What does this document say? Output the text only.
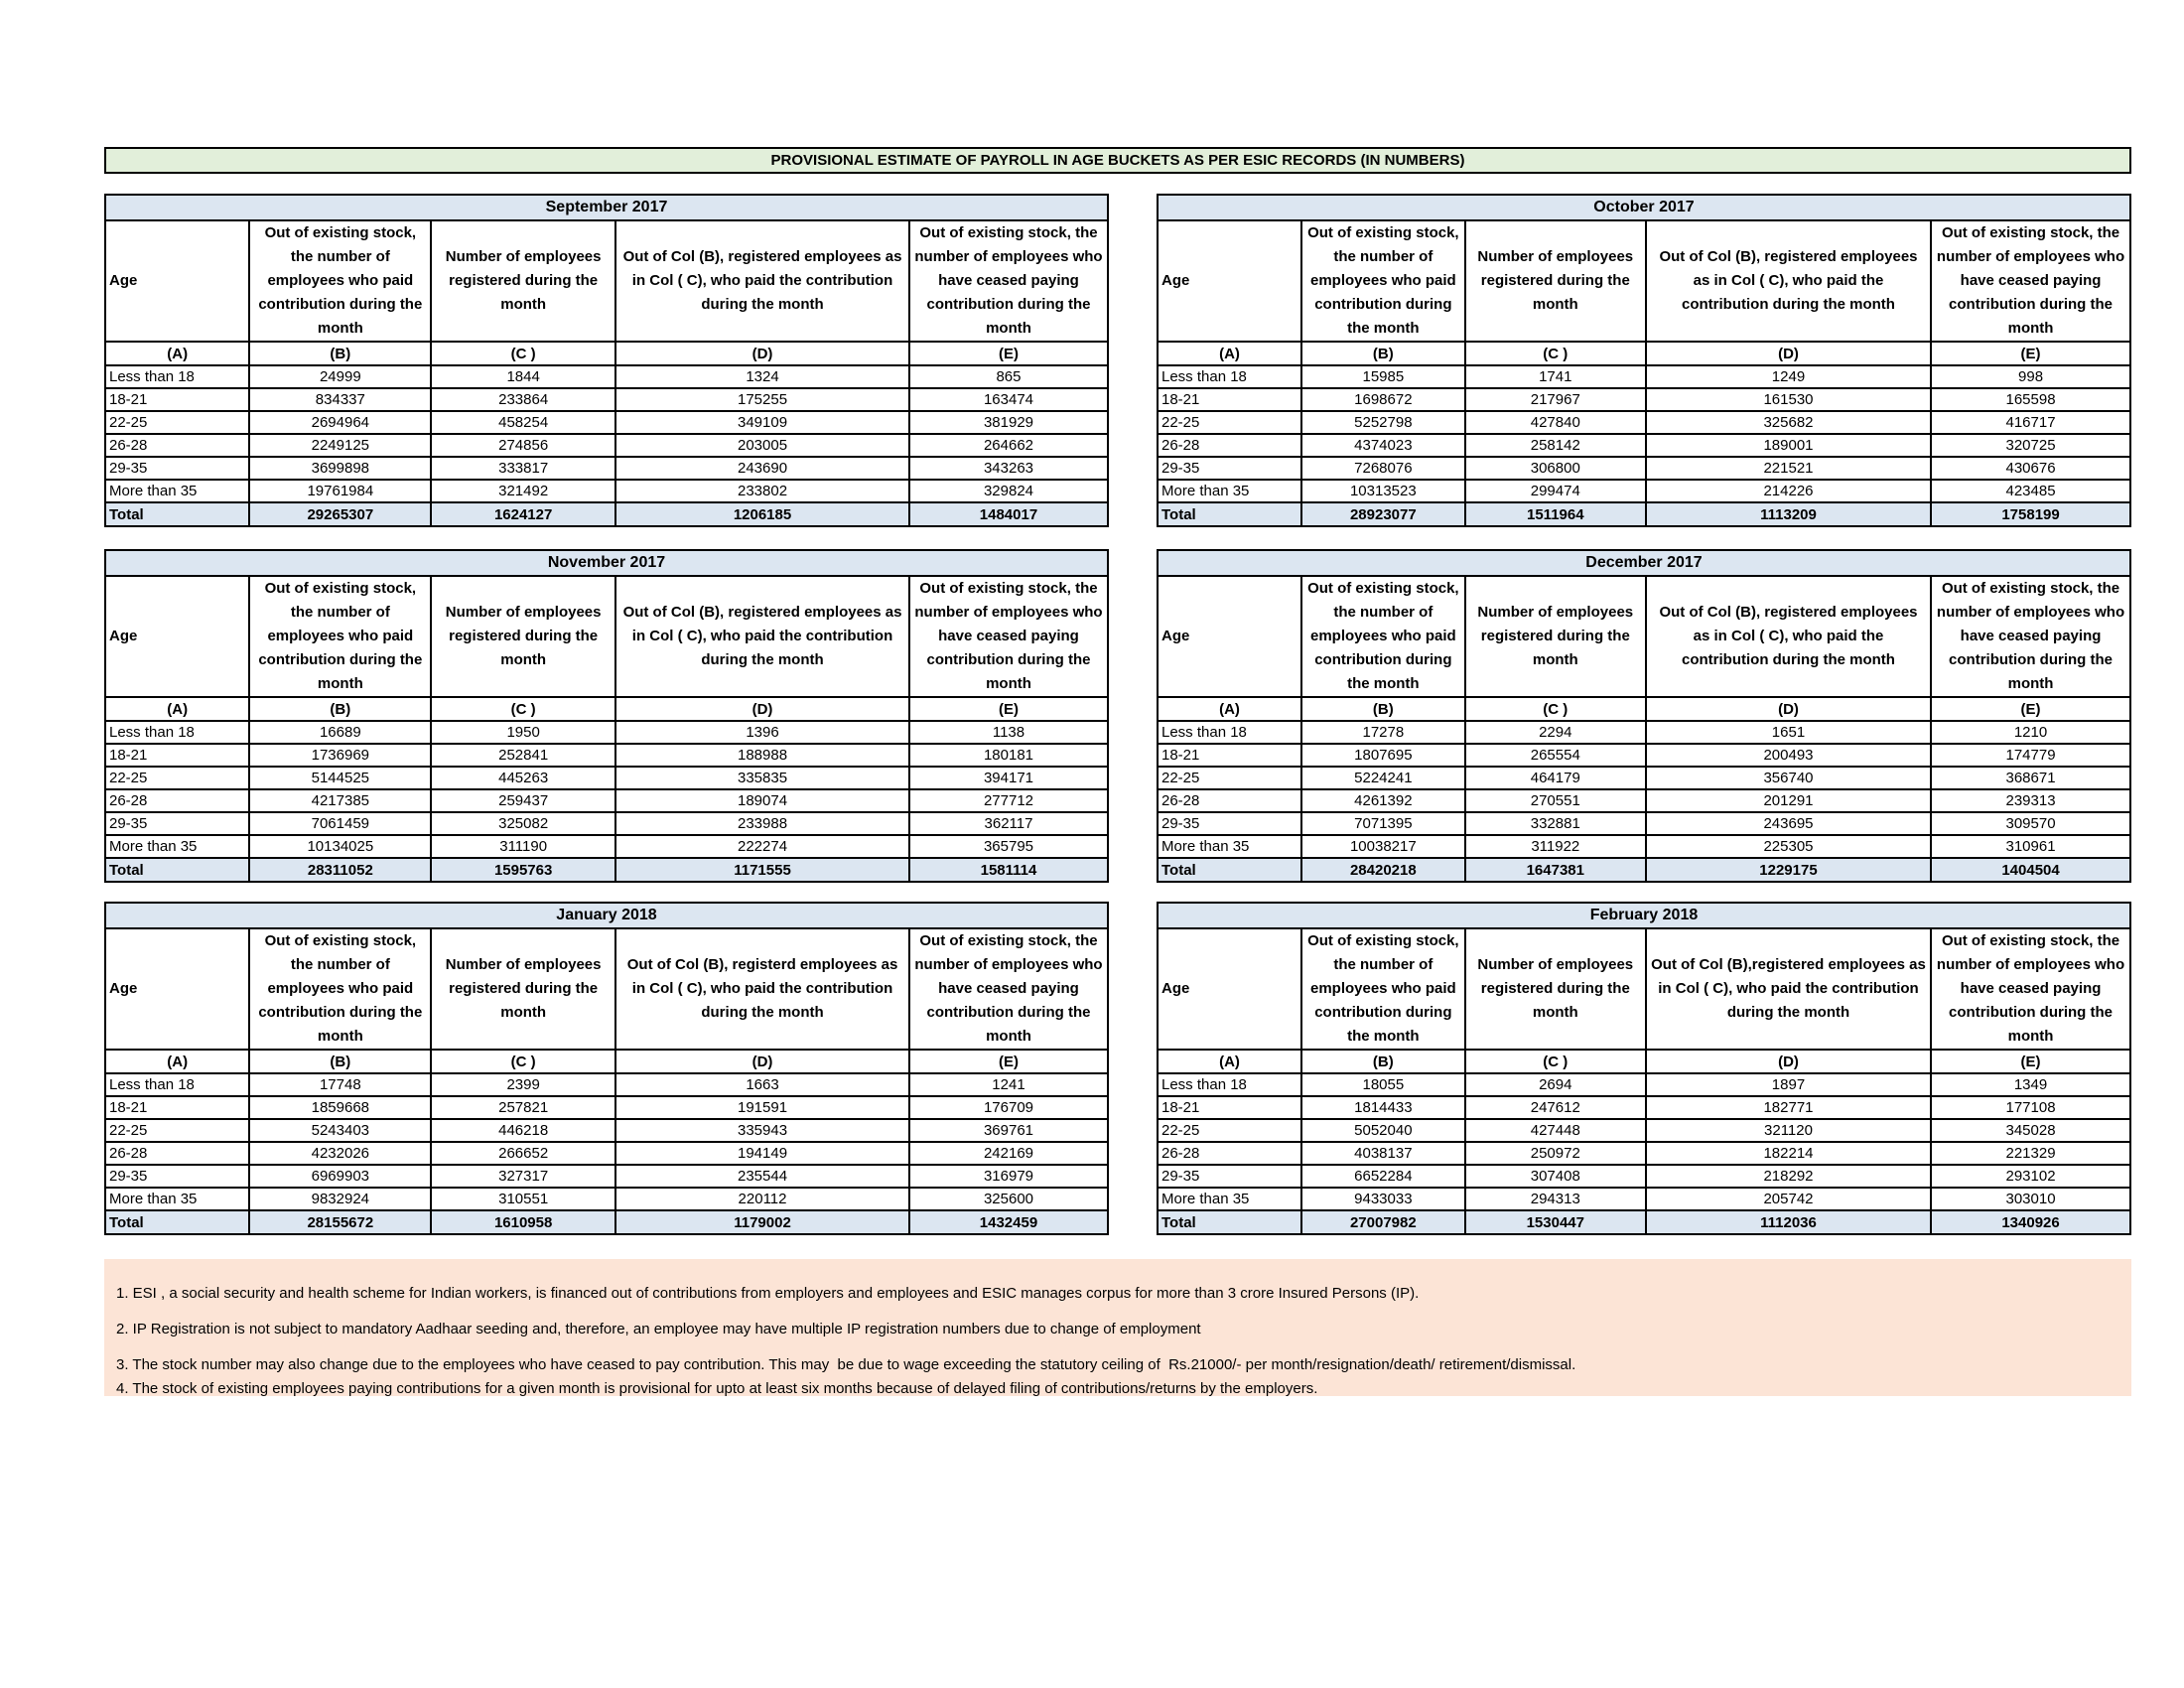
PROVISIONAL ESTIMATE OF PAYROLL IN AGE BUCKETS AS PER ESIC RECORDS (IN NUMBERS)
September 2017				
Age	Out of existing stock, the number of employees who paid contribution during the month	Number of employees registered during the month	Out of Col (B), registered employees as in Col ( C), who paid the contribution during the month	Out of existing stock, the number of employees who have ceased paying contribution during the month
(A)	(B)	(C )	(D)	(E)
Less than 18	24999	1844	1324	865
18-21	834337	233864	175255	163474
22-25	2694964	458254	349109	381929
26-28	2249125	274856	203005	264662
29-35	3699898	333817	243690	343263
More than 35	19761984	321492	233802	329824
Total	29265307	1624127	1206185	1484017
October 2017				
Age	Out of existing stock, the number of employees who paid contribution during the month	Number of employees registered during the month	Out of Col (B), registered employees as in Col ( C), who paid the contribution during the month	Out of existing stock, the number of employees who have ceased paying contribution during the month
(A)	(B)	(C )	(D)	(E)
Less than 18	15985	1741	1249	998
18-21	1698672	217967	161530	165598
22-25	5252798	427840	325682	416717
26-28	4374023	258142	189001	320725
29-35	7268076	306800	221521	430676
More than 35	10313523	299474	214226	423485
Total	28923077	1511964	1113209	1758199
November 2017				
Age	Out of existing stock, the number of employees who paid contribution during the month	Number of employees registered during the month	Out of Col (B), registered employees as in Col ( C), who paid the contribution during the month	Out of existing stock, the number of employees who have ceased paying contribution during the month
(A)	(B)	(C )	(D)	(E)
Less than 18	16689	1950	1396	1138
18-21	1736969	252841	188988	180181
22-25	5144525	445263	335835	394171
26-28	4217385	259437	189074	277712
29-35	7061459	325082	233988	362117
More than 35	10134025	311190	222274	365795
Total	28311052	1595763	1171555	1581114
December 2017				
Age	Out of existing stock, the number of employees who paid contribution during the month	Number of employees registered during the month	Out of Col (B), registered employees as in Col ( C), who paid the contribution during the month	Out of existing stock, the number of employees who have ceased paying contribution during the month
(A)	(B)	(C )	(D)	(E)
Less than 18	17278	2294	1651	1210
18-21	1807695	265554	200493	174779
22-25	5224241	464179	356740	368671
26-28	4261392	270551	201291	239313
29-35	7071395	332881	243695	309570
More than 35	10038217	311922	225305	310961
Total	28420218	1647381	1229175	1404504
January 2018				
Age	Out of existing stock, the number of employees who paid contribution during the month	Number of employees registered during the month	Out of Col (B), registerd employees as in Col ( C), who paid the contribution during the month	Out of existing stock, the number of employees who have ceased paying contribution during the month
(A)	(B)	(C )	(D)	(E)
Less than 18	17748	2399	1663	1241
18-21	1859668	257821	191591	176709
22-25	5243403	446218	335943	369761
26-28	4232026	266652	194149	242169
29-35	6969903	327317	235544	316979
More than 35	9832924	310551	220112	325600
Total	28155672	1610958	1179002	1432459
February 2018				
Age	Out of existing stock, the number of employees who paid contribution during the month	Number of employees registered during the month	Out of Col (B),registered employees as in Col ( C), who paid the contribution during the month	Out of existing stock, the number of employees who have ceased paying contribution during the month
(A)	(B)	(C )	(D)	(E)
Less than 18	18055	2694	1897	1349
18-21	1814433	247612	182771	177108
22-25	5052040	427448	321120	345028
26-28	4038137	250972	182214	221329
29-35	6652284	307408	218292	293102
More than 35	9433033	294313	205742	303010
Total	27007982	1530447	1112036	1340926
1. ESI , a social security and health scheme for Indian workers, is financed out of contributions from employers and employees and ESIC manages corpus for more than 3 crore Insured Persons (IP).
2. IP Registration is not subject to mandatory Aadhaar seeding and, therefore, an employee may have multiple IP registration numbers due to change of employment
3. The stock number may also change due to the employees who have ceased to pay contribution. This may  be due to wage exceeding the statutory ceiling of  Rs.21000/- per month/resignation/death/ retirement/dismissal.
4. The stock of existing employees paying contributions for a given month is provisional for upto at least six months because of delayed filing of contributions/returns by the employers.
